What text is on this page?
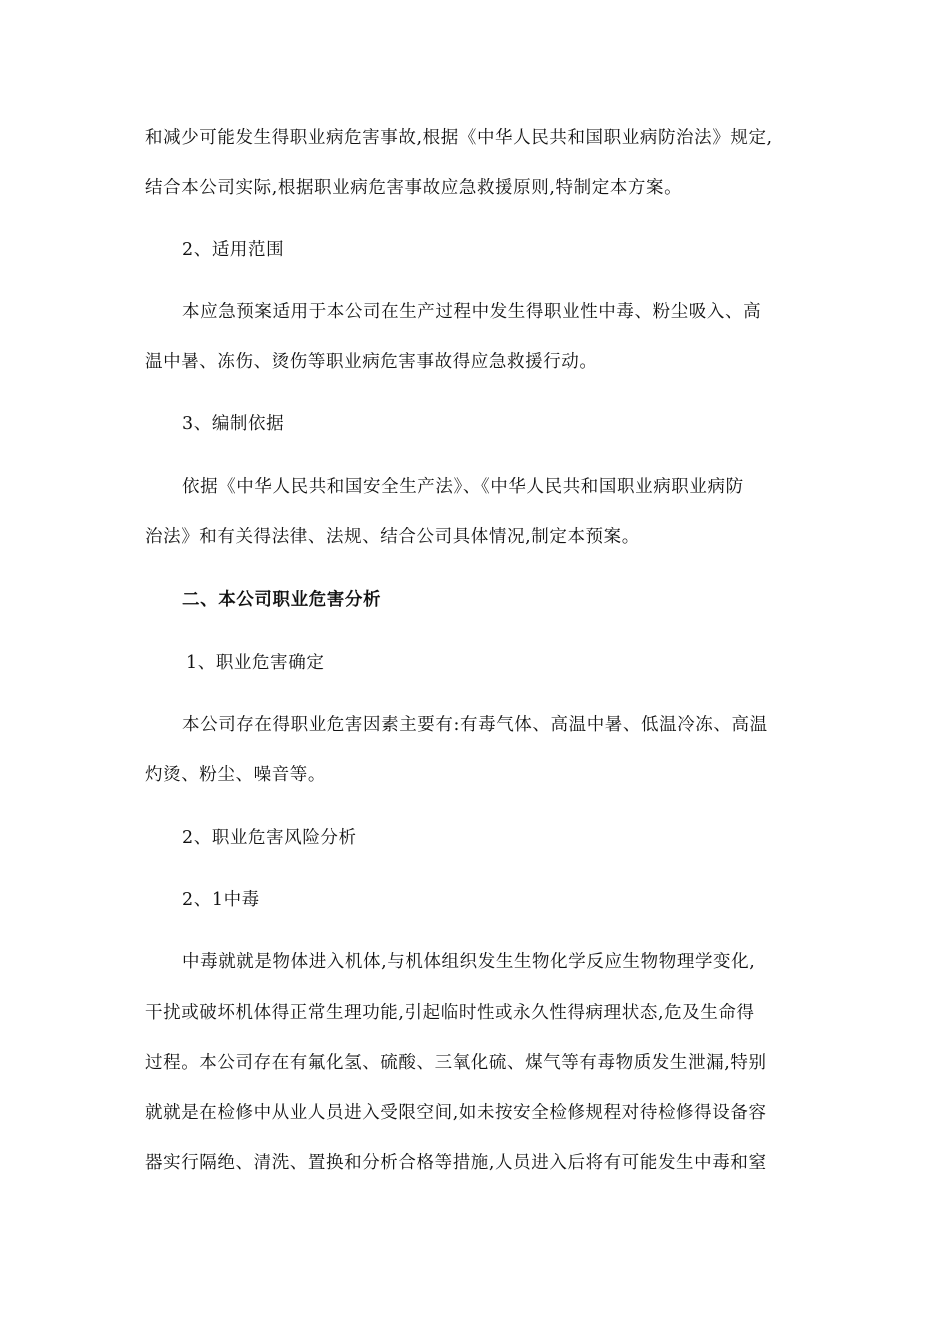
和减少可能发生得职业病危害事故,根据《中华人民共和国职业病防治法》规定,
结合本公司实际,根据职业病危害事故应急救援原则,特制定本方案。
2、适用范围
本应急预案适用于本公司在生产过程中发生得职业性中毒、粉尘吸入、高
温中暑、冻伤、烫伤等职业病危害事故得应急救援行动。
3、编制依据
依据《中华人民共和国安全生产法》、《中华人民共和国职业病职业病防
治法》和有关得法律、法规、结合公司具体情况,制定本预案。
二、本公司职业危害分析
1、职业危害确定
本公司存在得职业危害因素主要有:有毒气体、高温中暑、低温冷冻、高温
灼烫、粉尘、噪音等。
2、职业危害风险分析
2、1中毒
中毒就就是物体进入机体,与机体组织发生生物化学反应生物物理学变化,
干扰或破坏机体得正常生理功能,引起临时性或永久性得病理状态,危及生命得
过程。本公司存在有氟化氢、硫酸、三氧化硫、煤气等有毒物质发生泄漏,特别
就就是在检修中从业人员进入受限空间,如未按安全检修规程对待检修得设备容
器实行隔绝、清洗、置换和分析合格等措施,人员进入后将有可能发生中毒和窒
